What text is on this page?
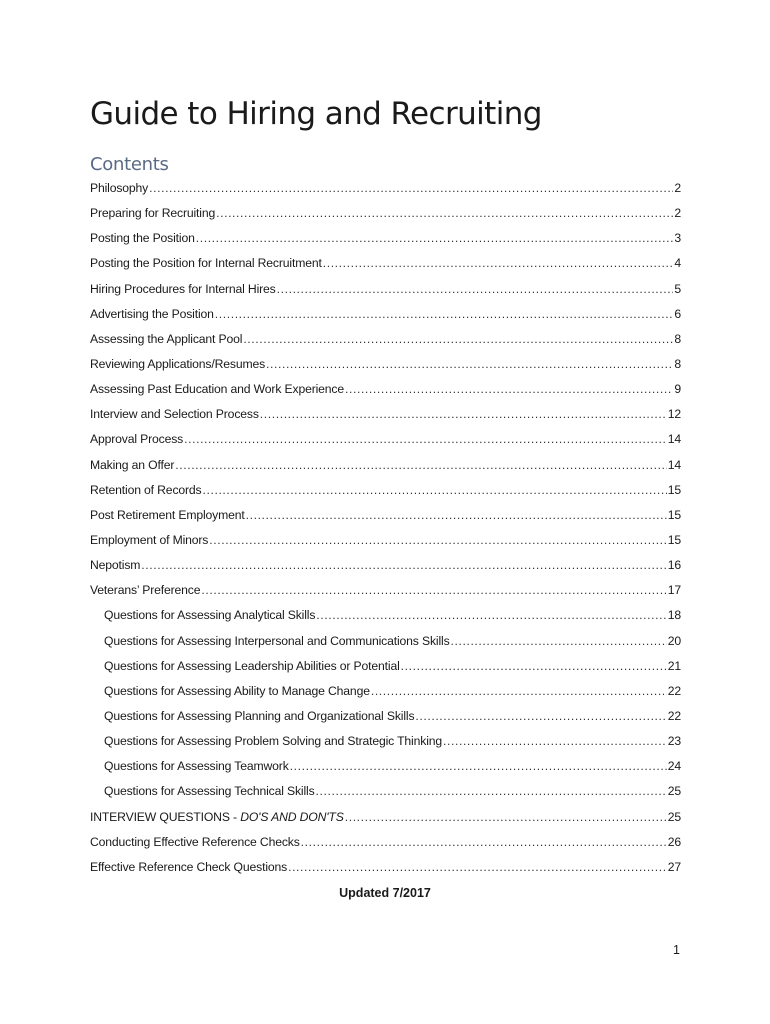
Guide to Hiring and Recruiting
Contents
Philosophy .....	2
Preparing for Recruiting .....	2
Posting the Position .....	3
Posting the Position for Internal Recruitment .....	4
Hiring Procedures for Internal Hires .....	5
Advertising the Position .....	6
Assessing the Applicant Pool .....	8
Reviewing Applications/Resumes .....	8
Assessing Past Education and Work Experience .....	9
Interview and Selection Process .....	12
Approval Process .....	14
Making an Offer .....	14
Retention of Records .....	15
Post Retirement Employment .....	15
Employment of Minors .....	15
Nepotism .....	16
Veterans’ Preference .....	17
Questions for Assessing Analytical Skills .....	18
Questions for Assessing Interpersonal and Communications Skills .....	20
Questions for Assessing Leadership Abilities or Potential .....	21
Questions for Assessing Ability to Manage Change .....	22
Questions for Assessing Planning and Organizational Skills .....	22
Questions for Assessing Problem Solving and Strategic Thinking .....	23
Questions for Assessing Teamwork .....	24
Questions for Assessing Technical Skills .....	25
INTERVIEW QUESTIONS - DO'S AND DON'TS .....	25
Conducting Effective Reference Checks .....	26
Effective Reference Check Questions .....	27
Updated 7/2017
1
